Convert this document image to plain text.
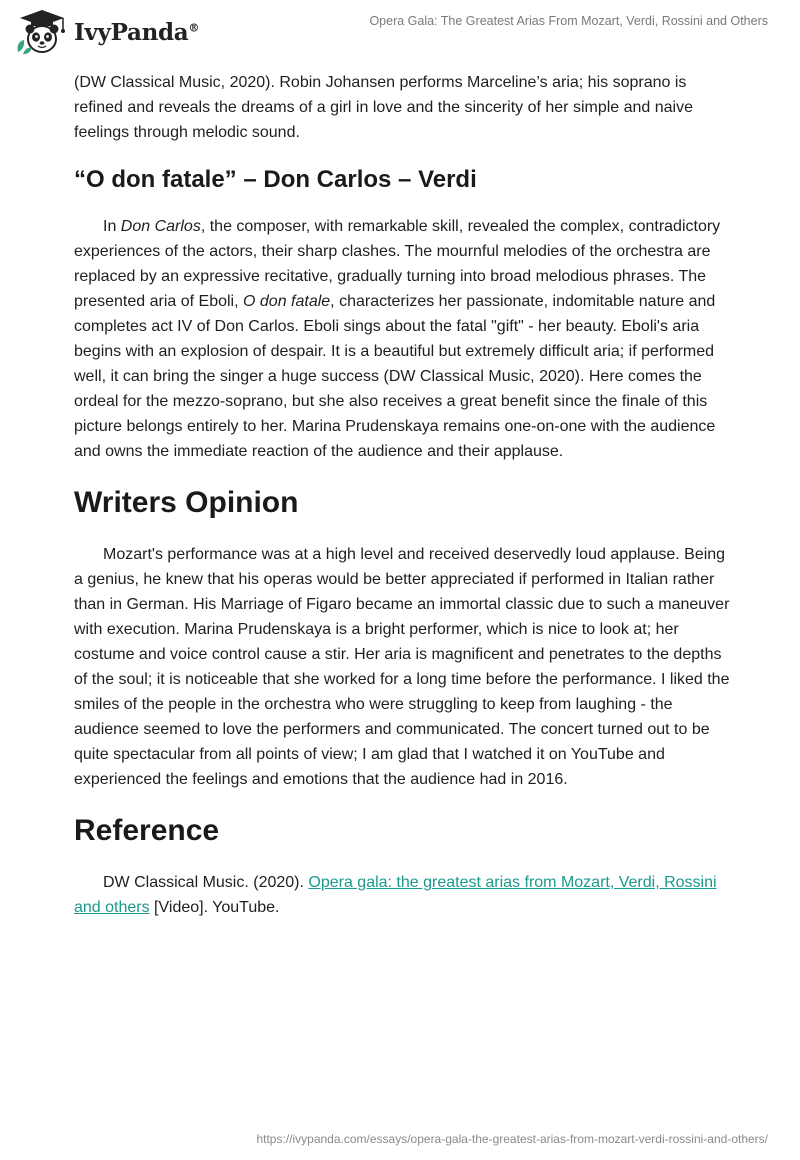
IvyPanda®	Opera Gala: The Greatest Arias From Mozart, Verdi, Rossini and Others

(DW Classical Music, 2020). Robin Johansen performs Marceline’s aria; his soprano is refined and reveals the dreams of a girl in love and the sincerity of her simple and naive feelings through melodic sound.

“O don fatale” – Don Carlos – Verdi

In Don Carlos, the composer, with remarkable skill, revealed the complex, contradictory experiences of the actors, their sharp clashes. The mournful melodies of the orchestra are replaced by an expressive recitative, gradually turning into broad melodious phrases. The presented aria of Eboli, O don fatale, characterizes her passionate, indomitable nature and completes act IV of Don Carlos. Eboli sings about the fatal "gift" - her beauty. Eboli's aria begins with an explosion of despair. It is a beautiful but extremely difficult aria; if performed well, it can bring the singer a huge success (DW Classical Music, 2020). Here comes the ordeal for the mezzo-soprano, but she also receives a great benefit since the finale of this picture belongs entirely to her. Marina Prudenskaya remains one-on-one with the audience and owns the immediate reaction of the audience and their applause.

Writers Opinion

Mozart's performance was at a high level and received deservedly loud applause. Being a genius, he knew that his operas would be better appreciated if performed in Italian rather than in German. His Marriage of Figaro became an immortal classic due to such a maneuver with execution. Marina Prudenskaya is a bright performer, which is nice to look at; her costume and voice control cause a stir. Her aria is magnificent and penetrates to the depths of the soul; it is noticeable that she worked for a long time before the performance. I liked the smiles of the people in the orchestra who were struggling to keep from laughing - the audience seemed to love the performers and communicated. The concert turned out to be quite spectacular from all points of view; I am glad that I watched it on YouTube and experienced the feelings and emotions that the audience had in 2016.

Reference

DW Classical Music. (2020). Opera gala: the greatest arias from Mozart, Verdi, Rossini and others [Video]. YouTube.

https://ivypanda.com/essays/opera-gala-the-greatest-arias-from-mozart-verdi-rossini-and-others/
